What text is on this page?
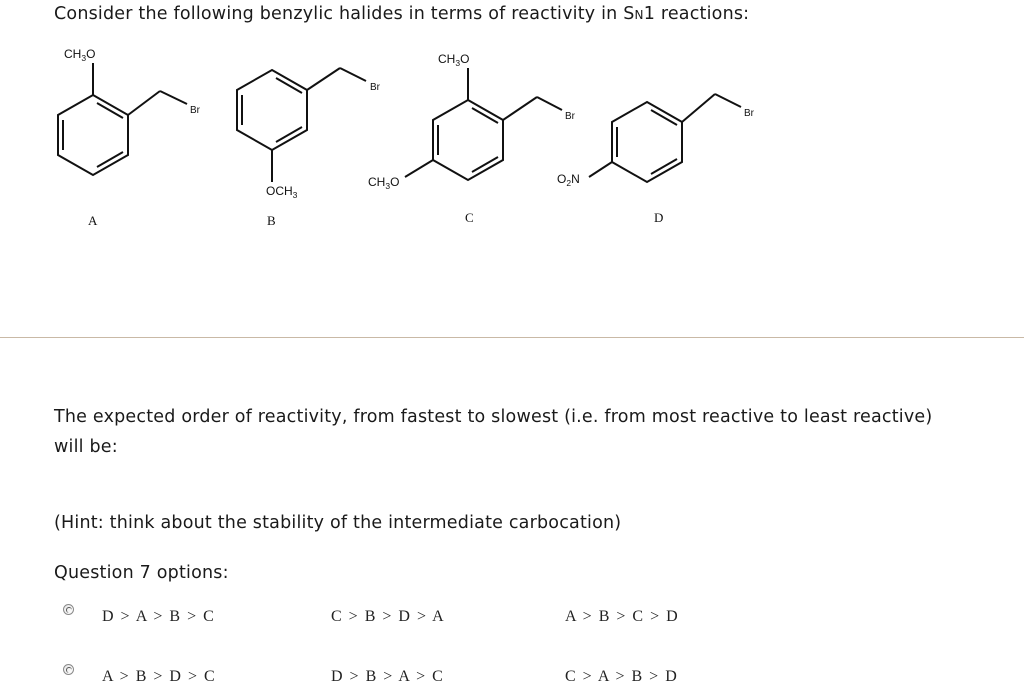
Consider the following benzylic halides in terms of reactivity in SN1 reactions:
$CH_3O$
Br
A
Br
$OCH_3$
B
$CH_3O$
Br
$CH_3O$
C
Br
$O_2N$
D
The expected order of reactivity, from fastest to slowest (i.e. from most reactive to least reactive)
will be:
(Hint: think about the stability of the intermediate carbocation)
Question 7 options:
D > A > B > C	C > B > D > A	A > B > C > D
A > B > D > C	D > B > A > C	C > A > B > D
